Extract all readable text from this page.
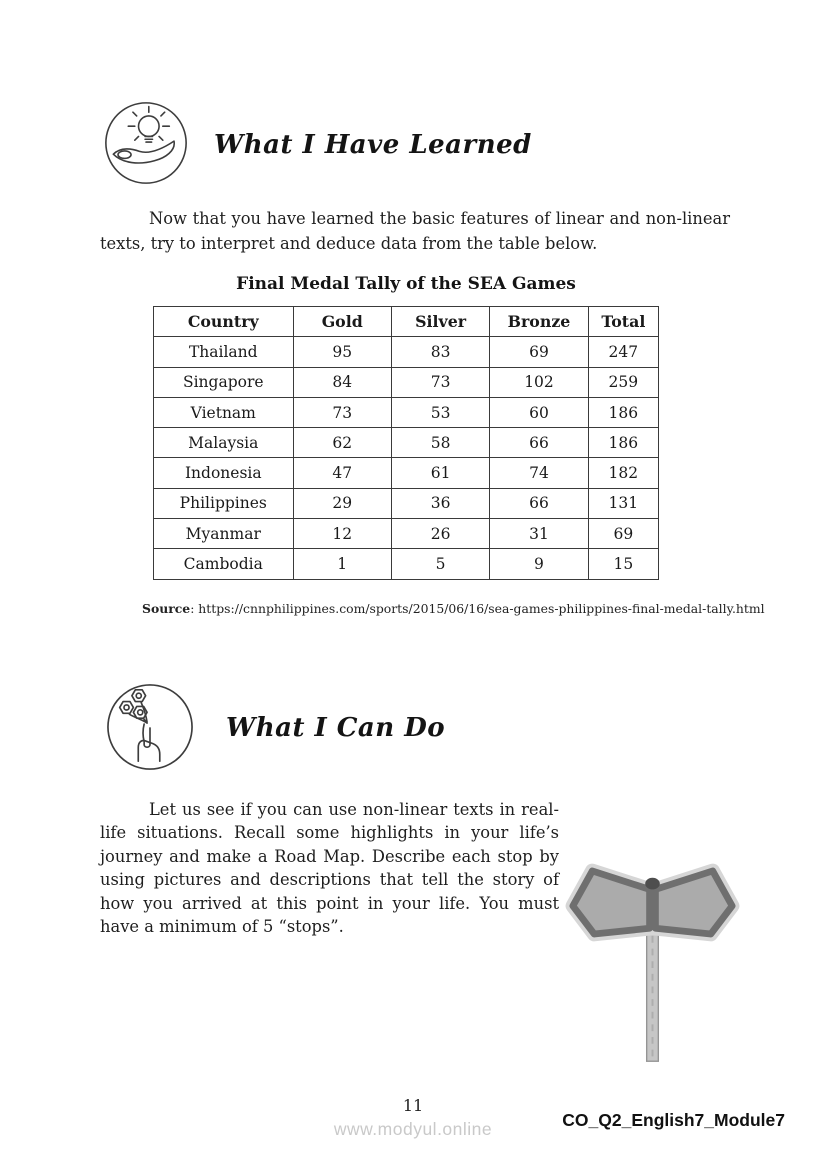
What I Have Learned
Now that you have learned the basic features of linear and non-linear texts, try to interpret and deduce data from the table below.
Final Medal Tally of the SEA Games
Country	Gold	Silver	Bronze	Total
Thailand	95	83	69	247
Singapore	84	73	102	259
Vietnam	73	53	60	186
Malaysia	62	58	66	186
Indonesia	47	61	74	182
Philippines	29	36	66	131
Myanmar	12	26	31	69
Cambodia	1	5	9	15
Source: https://cnnphilippines.com/sports/2015/06/16/sea-games-philippines-final-medal-tally.html
What I Can Do
Let us see if you can use non-linear texts in real-life situations. Recall some highlights in your life’s journey and make a Road Map. Describe each stop by using pictures and descriptions that tell the story of how you arrived at this point in your life. You must have a minimum of 5 “stops”.
11
www.modyul.online	CO_Q2_English7_Module7
